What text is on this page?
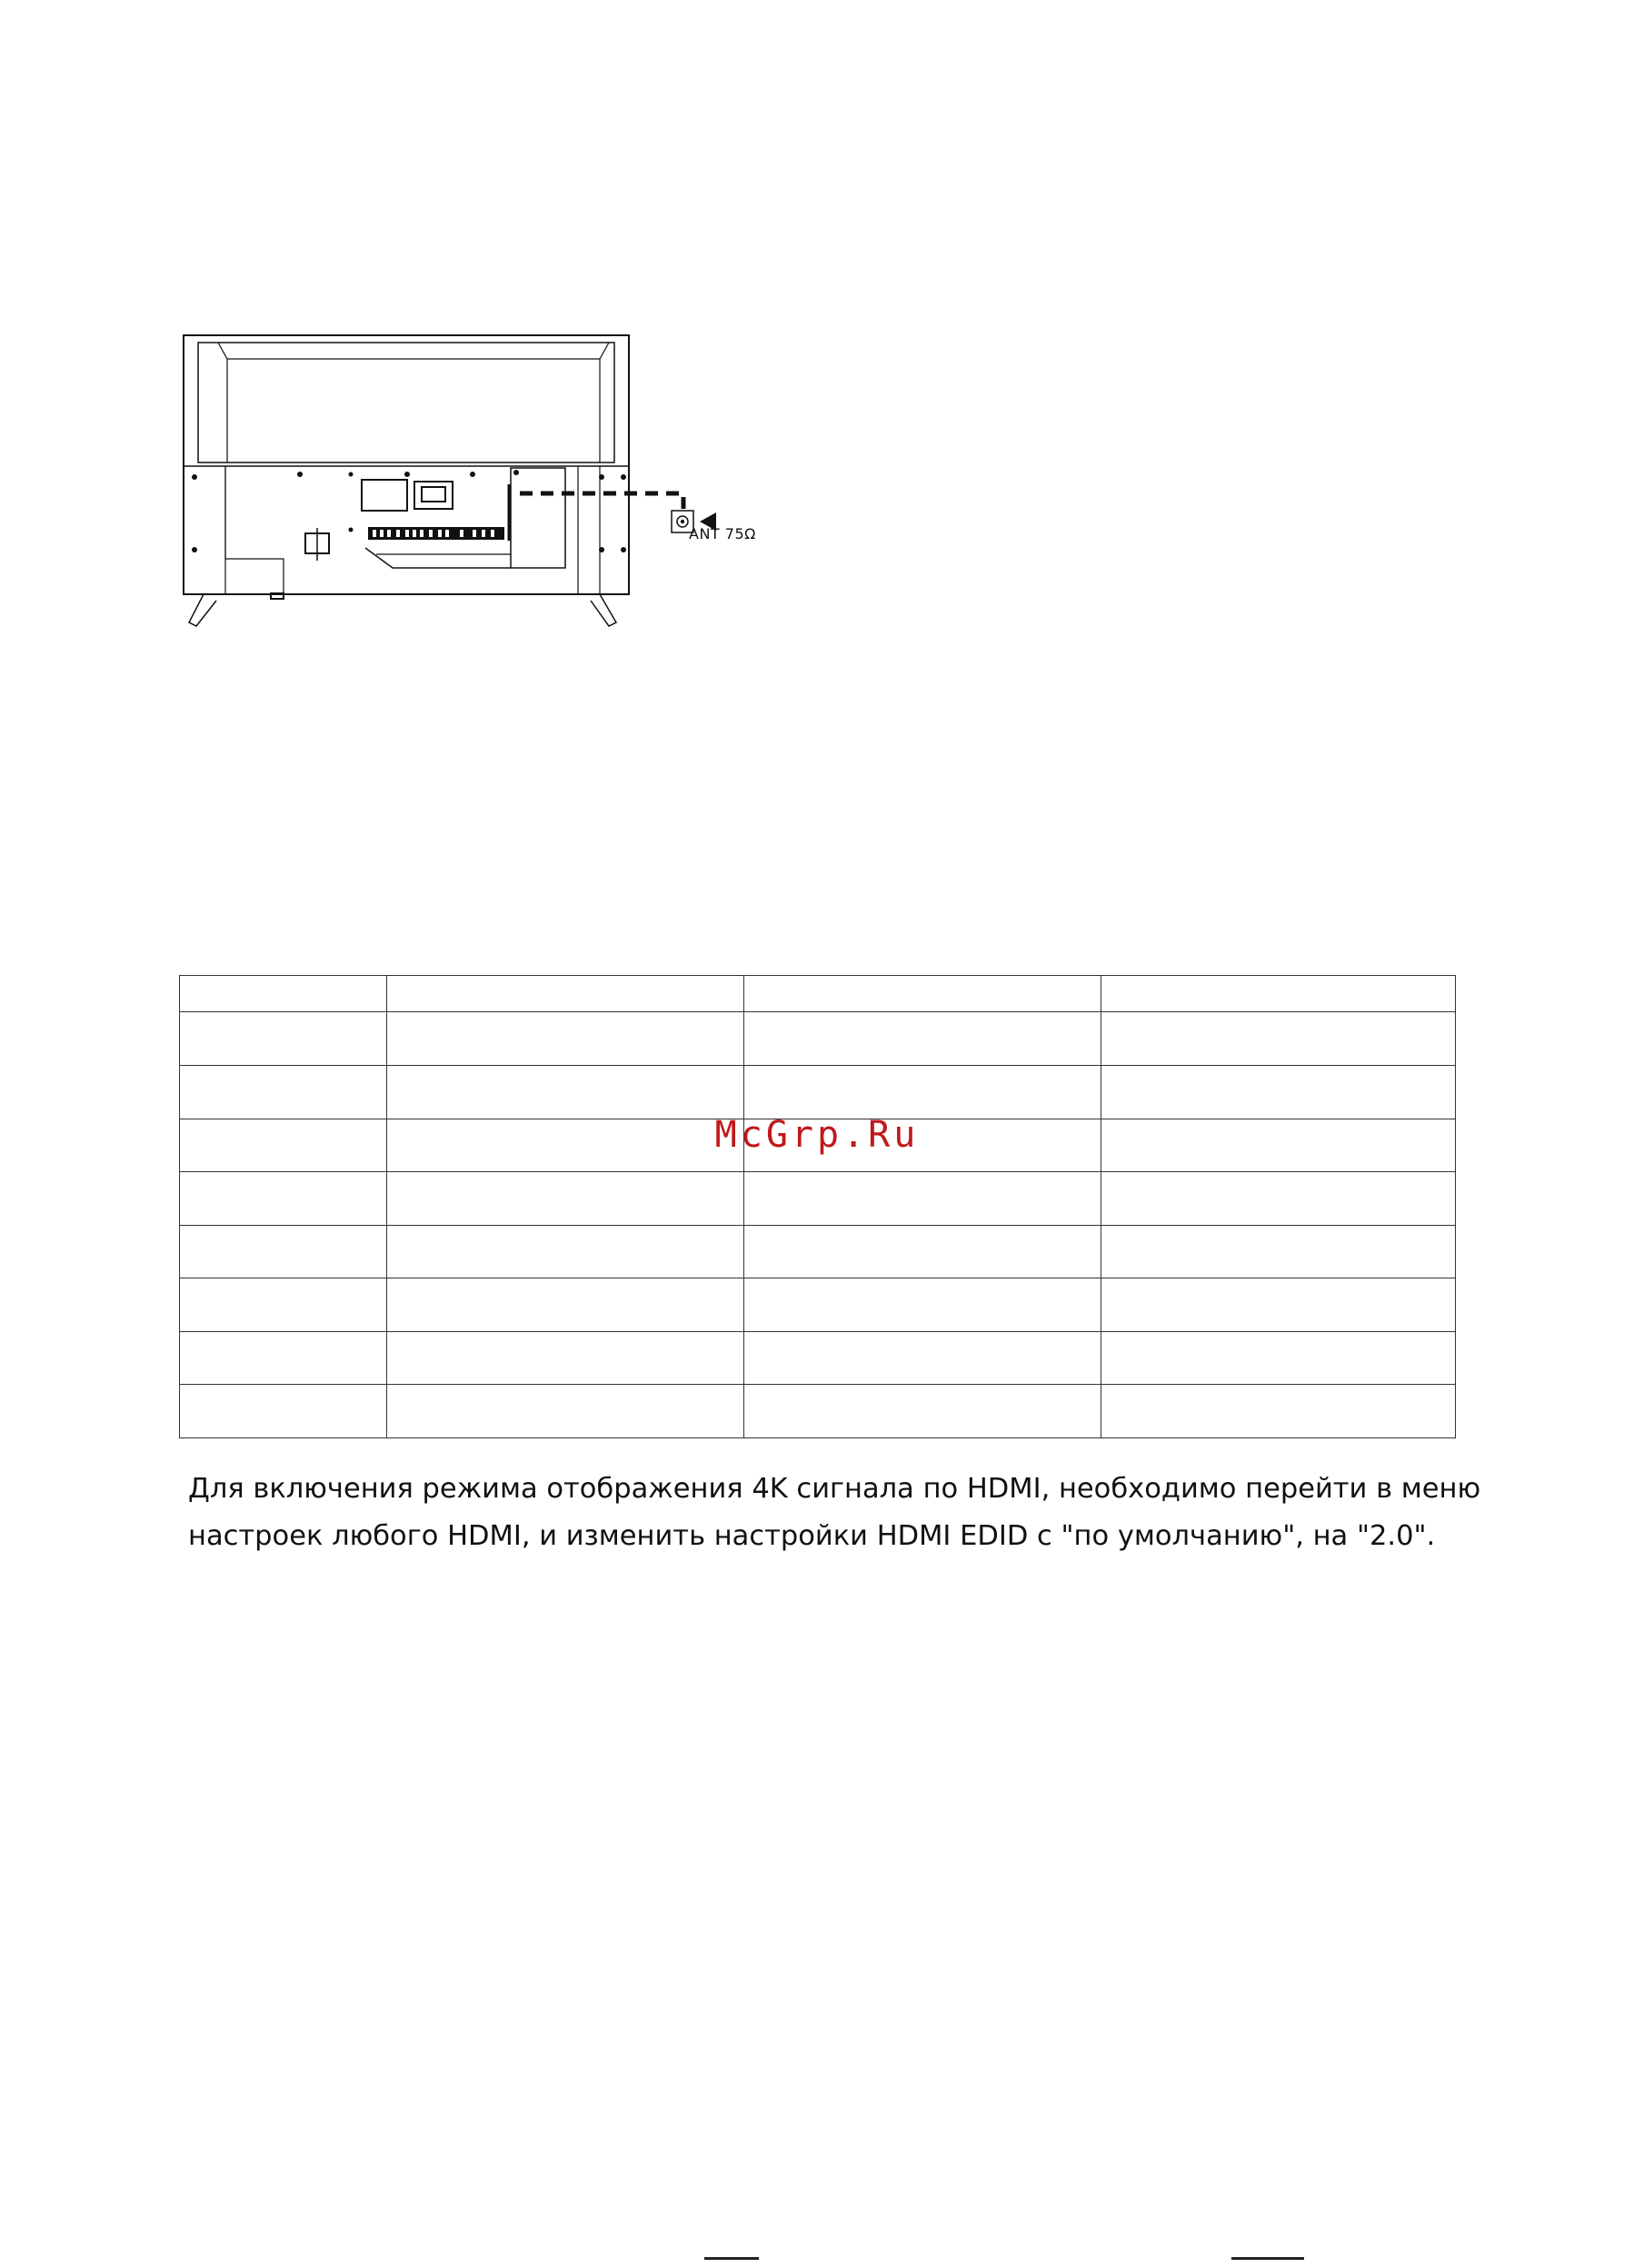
ANT 75Ω

McGrp.Ru

Для включения режима отображения 4K сигнала по HDMI, необходимо перейти в меню

настроек любого HDMI, и изменить настройки HDMI EDID с "по умолчанию", на "2.0".
